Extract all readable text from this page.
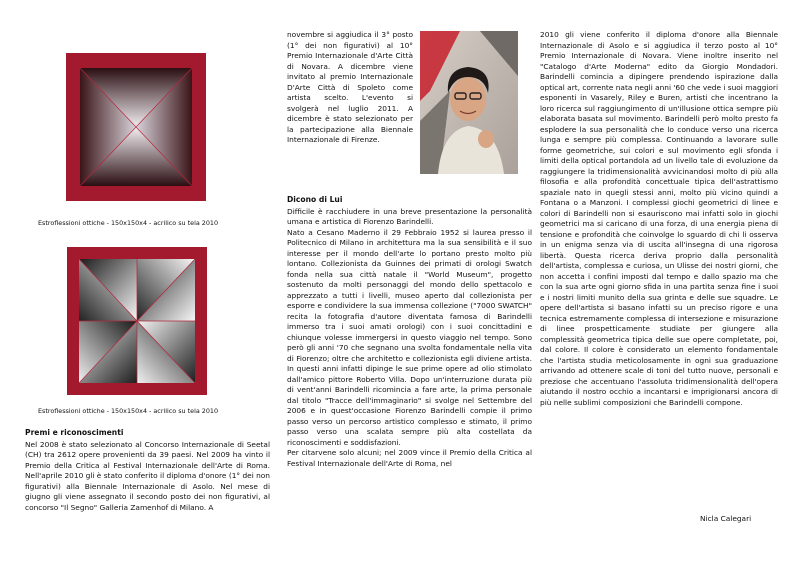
Estroflessioni ottiche - 150x150x4 - acrilico su tela 2010
Estroflessioni ottiche - 150x150x4 - acrilico su tela 2010
Premi e riconoscimenti

Nel 2008 è stato selezionato al Concorso Internazionale di Seetal (CH) tra 2612 opere provenienti da 39 paesi. Nel 2009 ha vinto il Premio della Critica al Festival Internazionale dell'Arte di Roma. Nell'aprile 2010 gli è stato conferito il diploma d'onore (1° dei non figurativi) alla Biennale Internazionale di Asolo. Nel mese di giugno gli viene assegnato il secondo posto dei non figurativi, al concorso "Il Segno" Galleria Zamenhof di Milano. A

novembre si aggiudica il 3° posto (1° dei non figurativi) al 10° Premio Internazionale d'Arte Città di Novara. A dicembre viene invitato al premio Internazionale D'Arte Città di Spoleto come artista scelto. L'evento si svolgerà nel luglio 2011. A dicembre è stato selezionato per la partecipazione alla Biennale Internazionale di Firenze.

Dicono di Lui

Difficile è racchiudere in una breve presentazione la personalità umana e artistica di Fiorenzo Barindelli.

Nato a Cesano Maderno il 29 Febbraio 1952 si laurea presso il Politecnico di Milano in architettura ma la sua sensibilità e il suo interesse per il mondo dell'arte lo portano presto molto più lontano. Collezionista da Guinnes dei primati di orologi Swatch fonda nella sua città natale il "World Museum", progetto sostenuto da molti personaggi del mondo dello spettacolo e apprezzato a tutti i livelli, museo aperto dal collezionista per esporre e condividere la sua immensa collezione ("7000 SWATCH" recita la fotografia d'autore diventata famosa di Barindelli immerso tra i suoi amati orologi) con i suoi concittadini e chiunque volesse immergersi in questo viaggio nel tempo. Sono però gli anni '70 che segnano una svolta fondamentale nella vita di Fiorenzo; oltre che architetto e collezionista egli diviene artista. In questi anni infatti dipinge le sue prime opere ad olio stimolato dall'amico pittore Roberto Villa. Dopo un'interruzione durata più di vent'anni Barindelli ricomincia a fare arte, la prima personale dal titolo "Tracce dell'immaginario" si svolge nel Settembre del 2006 e in quest'occasione Fiorenzo Barindelli compie il primo passo verso un percorso artistico complesso e stimato, il primo passo verso una scalata sempre più alta costellata da riconoscimenti e soddisfazioni.

Per citarvene solo alcuni; nel 2009 vince il Premio della Critica al Festival Internazionale dell'Arte di Roma, nel

2010 gli viene conferito il diploma d'onore alla Biennale Internazionale di Asolo e si aggiudica il terzo posto al 10° Premio Internazionale di Novara. Viene inoltre inserito nel "Catalogo d'Arte Moderna" edito da Giorgio Mondadori. Barindelli comincia a dipingere prendendo ispirazione dalla optical art, corrente nata negli anni '60 che vede i suoi maggiori esponenti in Vasarely, Riley e Buren, artisti che incentrano la loro ricerca sul raggiungimento di un'illusione ottica sempre più elaborata basata sul movimento. Barindelli però molto presto fa esplodere la sua personalità che lo conduce verso una ricerca lunga e sempre più complessa. Continuando a lavorare sulle forme geometriche, sui colori e sul movimento egli sfonda i limiti della optical portandola ad un livello tale di evoluzione da raggiungere la tridimensionalità avvicinandosi molto di più alla filosofia e alla profondità concettuale tipica dell'astrattismo spaziale nato in quegli stessi anni, molto più vicino quindi a Fontana o a Manzoni. I complessi giochi geometrici di linee e colori di Barindelli non si esauriscono mai infatti solo in giochi geometrici ma si caricano di una forza, di una energia piena di tensione e profondità che coinvolge lo sguardo di chi li osserva in un enigma senza via di uscita all'insegna di una rigorosa libertà. Questa ricerca deriva proprio dalla personalità dell'artista, complessa e curiosa, un Ulisse dei nostri giorni, che non accetta i confini imposti dal tempo e dallo spazio ma che con la sua arte ogni giorno sfida in una partita senza fine i suoi e i nostri limiti munito della sua grinta e delle sue squadre. Le opere dell'artista si basano infatti su un preciso rigore e una tecnica estremamente complessa di intersezione e misurazione di linee prospetticamente studiate per giungere alla complessità geometrica tipica delle sue opere completate, poi, dal colore. Il colore è considerato un elemento fondamentale che l'artista studia meticolosamente in ogni sua graduazione arrivando ad ottenere scale di toni del tutto nuove, personali e preziose che accentuano l'assoluta tridimensionalità dell'opera aiutando il nostro occhio a incantarsi e imprigionarsi ancora di più nelle sublimi composizioni che Barindelli compone.

Nicla Calegari
